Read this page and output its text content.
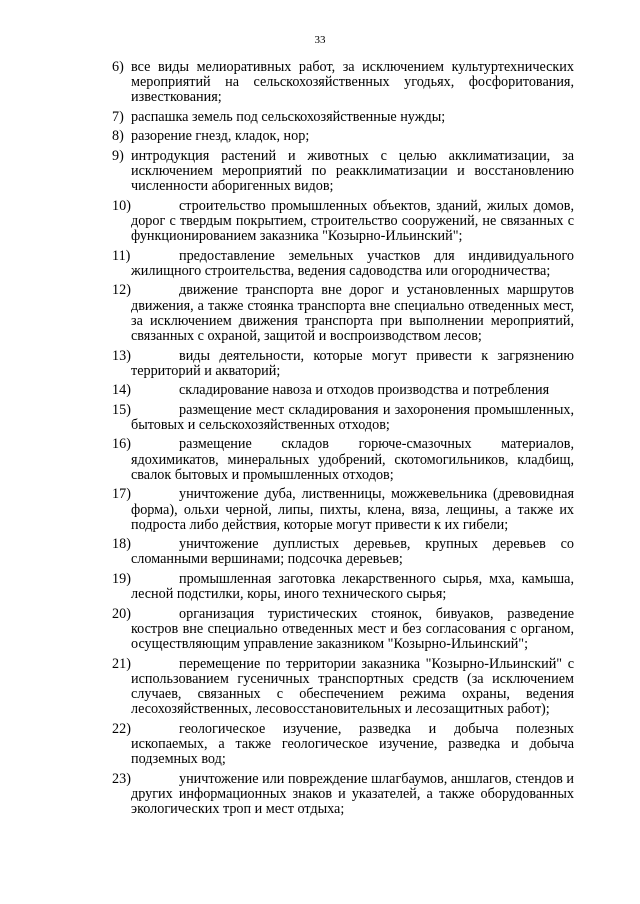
33
6) все виды мелиоративных работ, за исключением культуртехнических мероприятий на сельскохозяйственных угодьях, фосфоритования, известкования;
7) распашка земель под сельскохозяйственные нужды;
8) разорение гнезд, кладок, нор;
9) интродукция растений и животных с целью акклиматизации, за исключением мероприятий по реакклиматизации и восстановлению численности аборигенных видов;
10)	строительство промышленных объектов, зданий, жилых домов, дорог с твердым покрытием, строительство сооружений, не связанных с функционированием заказника "Козырно-Ильинский";
11)	предоставление земельных участков для индивидуального жилищного строительства, ведения садоводства или огородничества;
12)	движение транспорта вне дорог и установленных маршрутов движения, а также стоянка транспорта вне специально отведенных мест, за исключением движения транспорта при выполнении мероприятий, связанных с охраной, защитой и воспроизводством лесов;
13)	виды деятельности, которые могут привести к загрязнению территорий и акваторий;
14)	складирование навоза и отходов производства и потребления
15)	размещение мест складирования и захоронения промышленных, бытовых и сельскохозяйственных отходов;
16)	размещение складов горюче-смазочных материалов, ядохимикатов, минеральных удобрений, скотомогильников, кладбищ, свалок бытовых и промышленных отходов;
17)	уничтожение дуба, лиственницы, можжевельника (древовидная форма), ольхи черной, липы, пихты, клена, вяза, лещины, а также их подроста либо действия, которые могут привести к их гибели;
18)	уничтожение дуплистых деревьев, крупных деревьев со сломанными вершинами; подсочка деревьев;
19)	промышленная заготовка лекарственного сырья, мха, камыша, лесной подстилки, коры, иного технического сырья;
20)	организация туристических стоянок, бивуаков, разведение костров вне специально отведенных мест и без согласования с органом, осуществляющим управление заказником "Козырно-Ильинский";
21)	перемещение по территории заказника "Козырно-Ильинский" с использованием гусеничных транспортных средств (за исключением случаев, связанных с обеспечением режима охраны, ведения лесохозяйственных, лесовосстановительных и лесозащитных работ);
22)	геологическое изучение, разведка и добыча полезных ископаемых, а также геологическое изучение, разведка и добыча подземных вод;
23)	уничтожение или повреждение шлагбаумов, аншлагов, стендов и других информационных знаков и указателей, а также оборудованных экологических троп и мест отдыха;
